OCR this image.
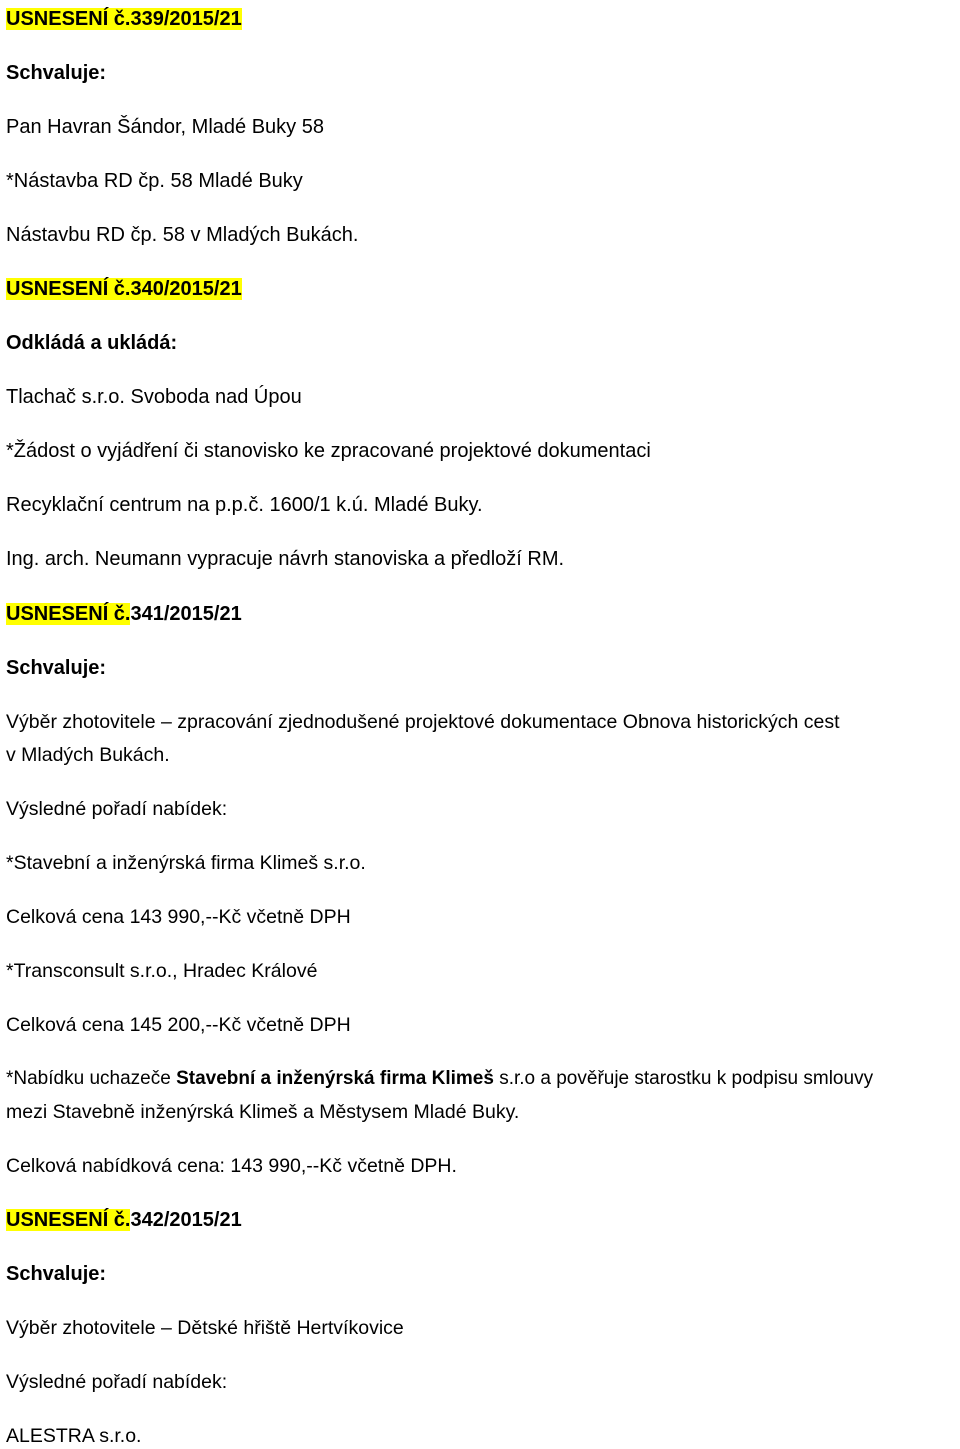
USNESENÍ č.339/2015/21

Schvaluje:

Pan Havran Šándor, Mladé Buky 58

*Nástavba RD čp. 58 Mladé Buky

Nástavbu RD čp. 58 v Mladých Bukách.

USNESENÍ č.340/2015/21

Odkládá a ukládá:

Tlachač s.r.o. Svoboda nad Úpou

*Žádost o vyjádření či stanovisko ke zpracované projektové dokumentaci

Recyklační centrum na p.p.č. 1600/1 k.ú. Mladé Buky.

Ing. arch. Neumann vypracuje návrh stanoviska a předloží RM.

USNESENÍ č.341/2015/21

Schvaluje:

Výběr zhotovitele – zpracování zjednodušené projektové dokumentace Obnova historických cest

v Mladých Bukách.

Výsledné pořadí nabídek:

*Stavební a inženýrská firma Klimeš s.r.o.

Celková cena 143 990,--Kč včetně DPH

*Transconsult s.r.o., Hradec Králové

Celková cena 145 200,--Kč včetně DPH

*Nabídku uchazeče Stavební a inženýrská firma Klimeš s.r.o a pověřuje starostku k podpisu smlouvy

mezi Stavebně inženýrská Klimeš a Městysem Mladé Buky.

Celková nabídková cena: 143 990,--Kč včetně DPH.

USNESENÍ č.342/2015/21

Schvaluje:

Výběr zhotovitele – Dětské hřiště Hertvíkovice

Výsledné pořadí nabídek:

ALESTRA s.r.o.
